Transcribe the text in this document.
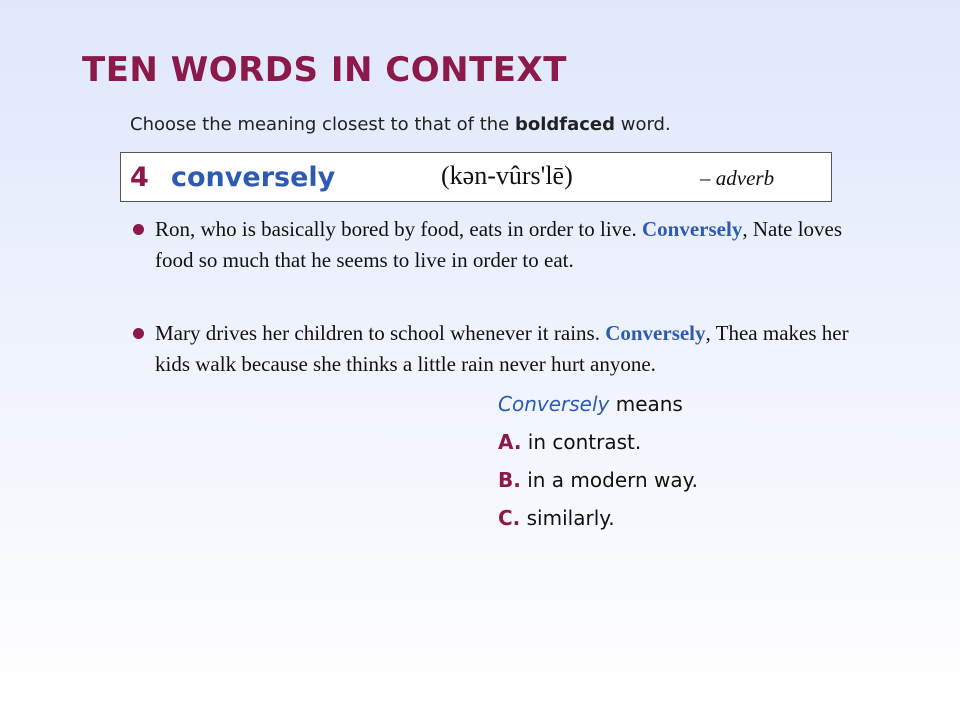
TEN WORDS IN CONTEXT
Choose the meaning closest to that of the boldfaced word.
4 conversely	(kən-vûrs'lē)	– adverb
Ron, who is basically bored by food, eats in order to live. Conversely, Nate loves food so much that he seems to live in order to eat.
Mary drives her children to school whenever it rains. Conversely, Thea makes her kids walk because she thinks a little rain never hurt anyone.
Conversely means
A. in contrast.
B. in a modern way.
C. similarly.
